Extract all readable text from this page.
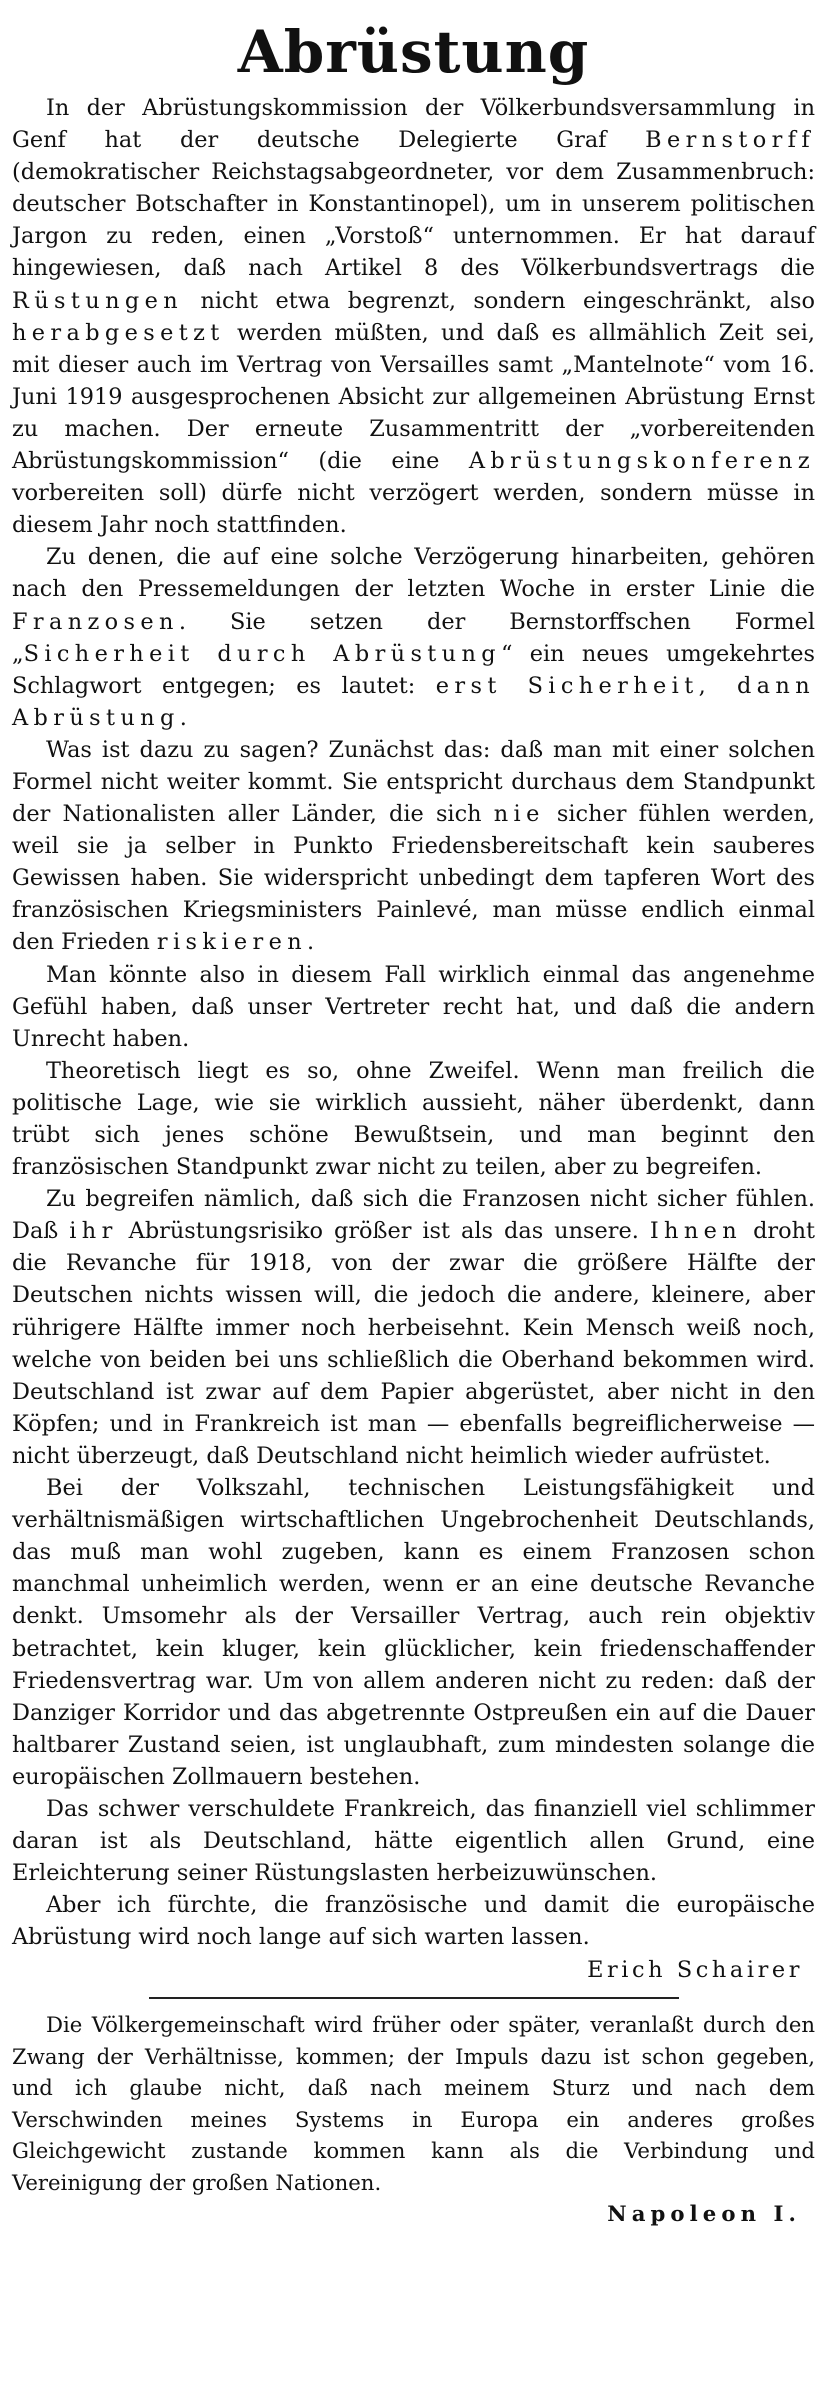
Abrüstung

In der Abrüstungskommission der Völkerbundsversammlung in Genf hat der deutsche Delegierte Graf Bernstorff (demokratischer Reichstagsabgeordneter, vor dem Zusammenbruch: deutscher Botschafter in Konstantinopel), um in unserem politischen Jargon zu reden, einen „Vorstoß“ unternommen. Er hat darauf hingewiesen, daß nach Artikel 8 des Völkerbundsvertrags die Rüstungen nicht etwa begrenzt, sondern eingeschränkt, also herabgesetzt werden müßten, und daß es allmählich Zeit sei, mit dieser auch im Vertrag von Versailles samt „Mantelnote“ vom 16. Juni 1919 ausgesprochenen Absicht zur allgemeinen Abrüstung Ernst zu machen. Der erneute Zusammentritt der „vorbereitenden Abrüstungskommission“ (die eine Abrüstungskonferenz vorbereiten soll) dürfe nicht verzögert werden, sondern müsse in diesem Jahr noch stattfinden.

Zu denen, die auf eine solche Verzögerung hinarbeiten, gehören nach den Pressemeldungen der letzten Woche in erster Linie die Franzosen. Sie setzen der Bernstorffschen Formel „Sicherheit durch Abrüstung“ ein neues umgekehrtes Schlagwort entgegen; es lautet: erst Sicherheit, dann Abrüstung.

Was ist dazu zu sagen? Zunächst das: daß man mit einer solchen Formel nicht weiter kommt. Sie entspricht durchaus dem Standpunkt der Nationalisten aller Länder, die sich nie sicher fühlen werden, weil sie ja selber in Punkto Friedensbereitschaft kein sauberes Gewissen haben. Sie widerspricht unbedingt dem tapferen Wort des französischen Kriegsministers Painlevé, man müsse endlich einmal den Frieden riskieren.

Man könnte also in diesem Fall wirklich einmal das angenehme Gefühl haben, daß unser Vertreter recht hat, und daß die andern Unrecht haben.

Theoretisch liegt es so, ohne Zweifel. Wenn man freilich die politische Lage, wie sie wirklich aussieht, näher überdenkt, dann trübt sich jenes schöne Bewußtsein, und man beginnt den französischen Standpunkt zwar nicht zu teilen, aber zu begreifen.

Zu begreifen nämlich, daß sich die Franzosen nicht sicher fühlen. Daß ihr Abrüstungsrisiko größer ist als das unsere. Ihnen droht die Revanche für 1918, von der zwar die größere Hälfte der Deutschen nichts wissen will, die jedoch die andere, kleinere, aber rührigere Hälfte immer noch herbeisehnt. Kein Mensch weiß noch, welche von beiden bei uns schließlich die Oberhand bekommen wird. Deutschland ist zwar auf dem Papier abgerüstet, aber nicht in den Köpfen; und in Frankreich ist man — ebenfalls begreiflicherweise — nicht überzeugt, daß Deutschland nicht heimlich wieder aufrüstet.

Bei der Volkszahl, technischen Leistungsfähigkeit und verhältnismäßigen wirtschaftlichen Ungebrochenheit Deutschlands, das muß man wohl zugeben, kann es einem Franzosen schon manchmal unheimlich werden, wenn er an eine deutsche Revanche denkt. Umsomehr als der Versailler Vertrag, auch rein objektiv betrachtet, kein kluger, kein glücklicher, kein friedenschaffender Friedensvertrag war. Um von allem anderen nicht zu reden: daß der Danziger Korridor und das abgetrennte Ostpreußen ein auf die Dauer haltbarer Zustand seien, ist unglaubhaft, zum mindesten solange die europäischen Zollmauern bestehen.

Das schwer verschuldete Frankreich, das finanziell viel schlimmer daran ist als Deutschland, hätte eigentlich allen Grund, eine Erleichterung seiner Rüstungslasten herbeizuwünschen.

Aber ich fürchte, die französische und damit die europäische Abrüstung wird noch lange auf sich warten lassen.

Erich Schairer

Die Völkergemeinschaft wird früher oder später, veranlaßt durch den Zwang der Verhältnisse, kommen; der Impuls dazu ist schon gegeben, und ich glaube nicht, daß nach meinem Sturz und nach dem Verschwinden meines Systems in Europa ein anderes großes Gleichgewicht zustande kommen kann als die Verbindung und Vereinigung der großen Nationen.

Napoleon I.
